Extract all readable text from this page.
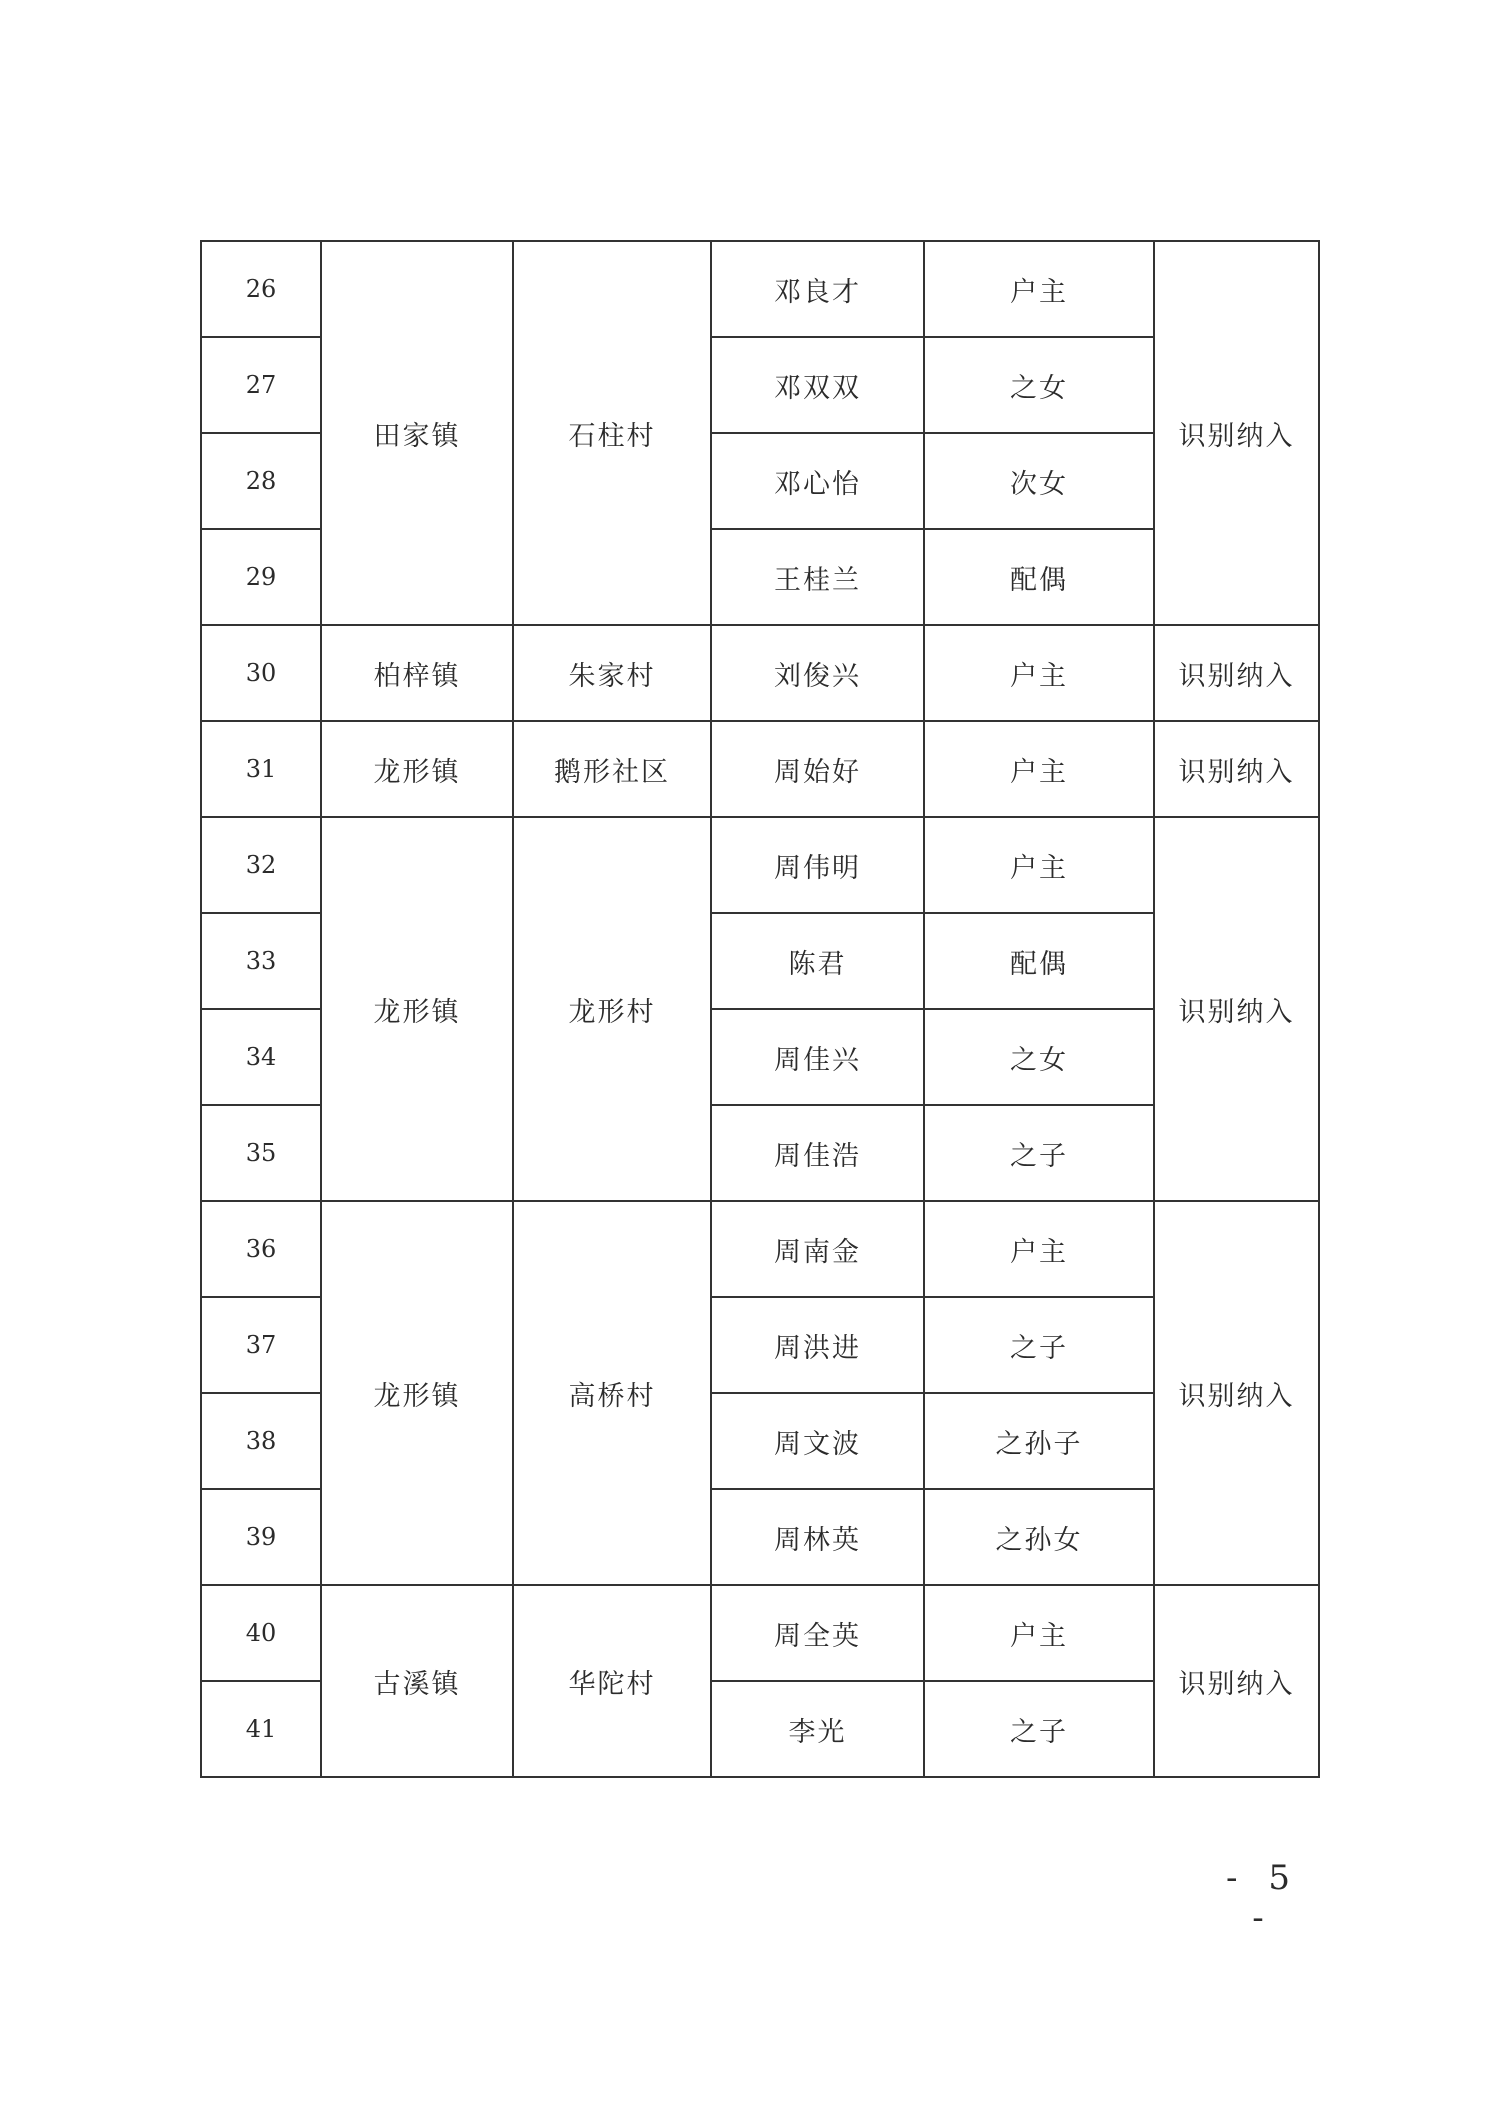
26	田家镇	石柱村	邓良才	户主	识别纳入
27			邓双双	之女	
28			邓心怡	次女	
29			王桂兰	配偶	
30	柏梓镇	朱家村	刘俊兴	户主	识别纳入
31	龙形镇	鹅形社区	周始好	户主	识别纳入
32	龙形镇	龙形村	周伟明	户主	识别纳入
33			陈君	配偶	
34			周佳兴	之女	
35			周佳浩	之子	
36	龙形镇	高桥村	周南金	户主	识别纳入
37			周洪进	之子	
38			周文波	之孙子	
39			周林英	之孙女	
40	古溪镇	华陀村	周全英	户主	识别纳入
41			李光	之子	
- 5 -
